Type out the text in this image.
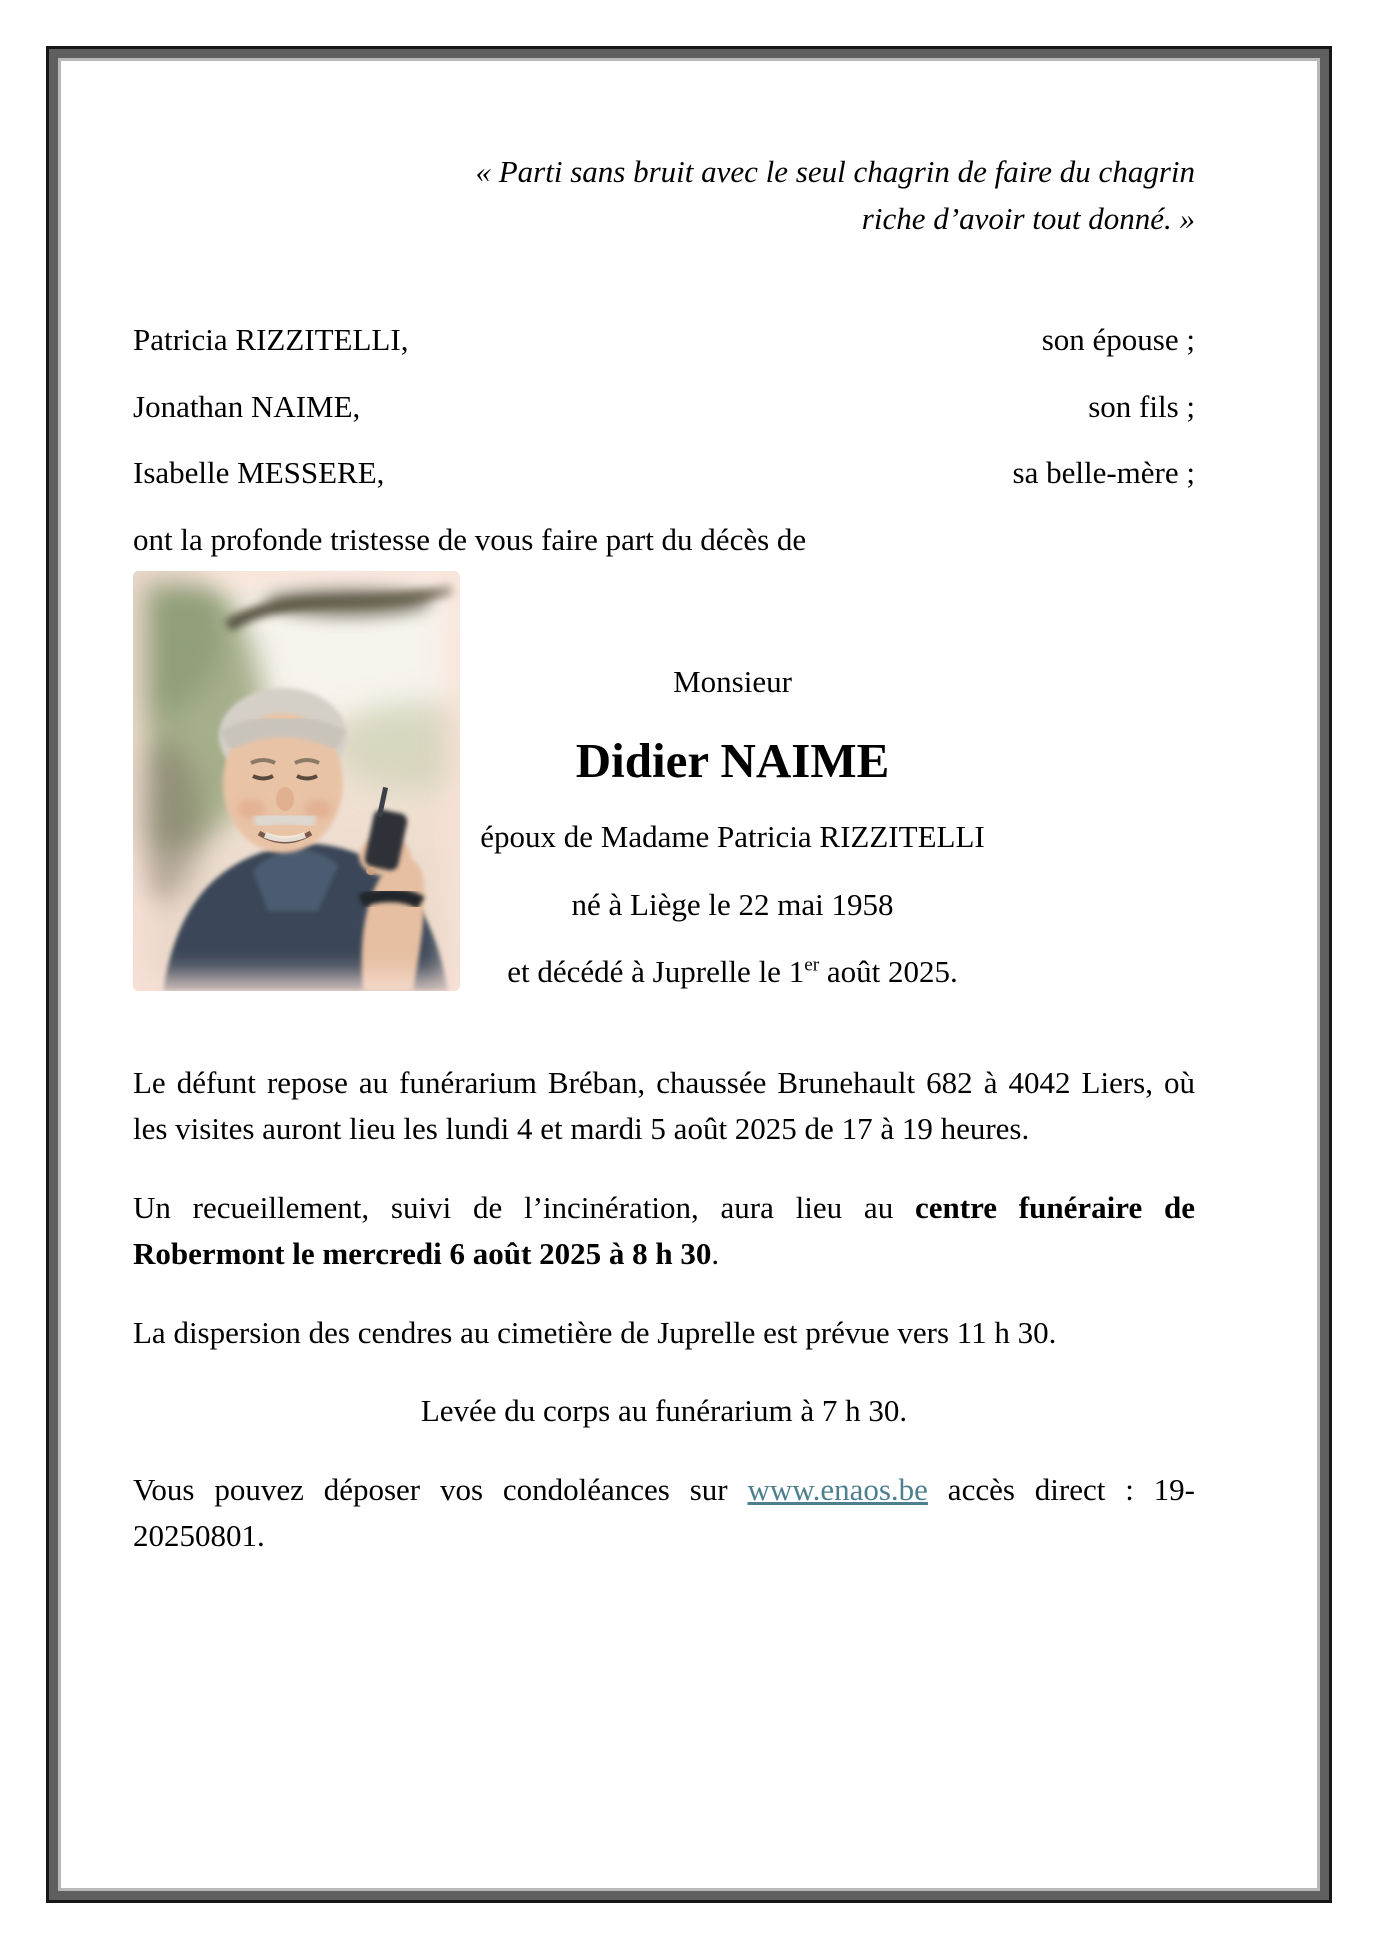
« Parti sans bruit avec le seul chagrin de faire du chagrin
riche d’avoir tout donné. »
Patricia RIZZITELLI,	son épouse ;
Jonathan NAIME,	son fils ;
Isabelle MESSERE,	sa belle-mère ;
ont la profonde tristesse de vous faire part du décès de
Monsieur
Didier NAIME
époux de Madame Patricia RIZZITELLI
né à Liège le 22 mai 1958
et décédé à Juprelle le 1er août 2025.

Le défunt repose au funérarium Bréban, chaussée Brunehault 682 à 4042 Liers, où les visites auront lieu les lundi 4 et mardi 5 août 2025 de 17 à 19 heures.

Un recueillement, suivi de l’incinération, aura lieu au centre funéraire de Robermont le mercredi 6 août 2025 à 8 h 30.

La dispersion des cendres au cimetière de Juprelle est prévue vers 11 h 30.

Levée du corps au funérarium à 7 h 30.

Vous pouvez déposer vos condoléances sur www.enaos.be accès direct : 19-20250801.
